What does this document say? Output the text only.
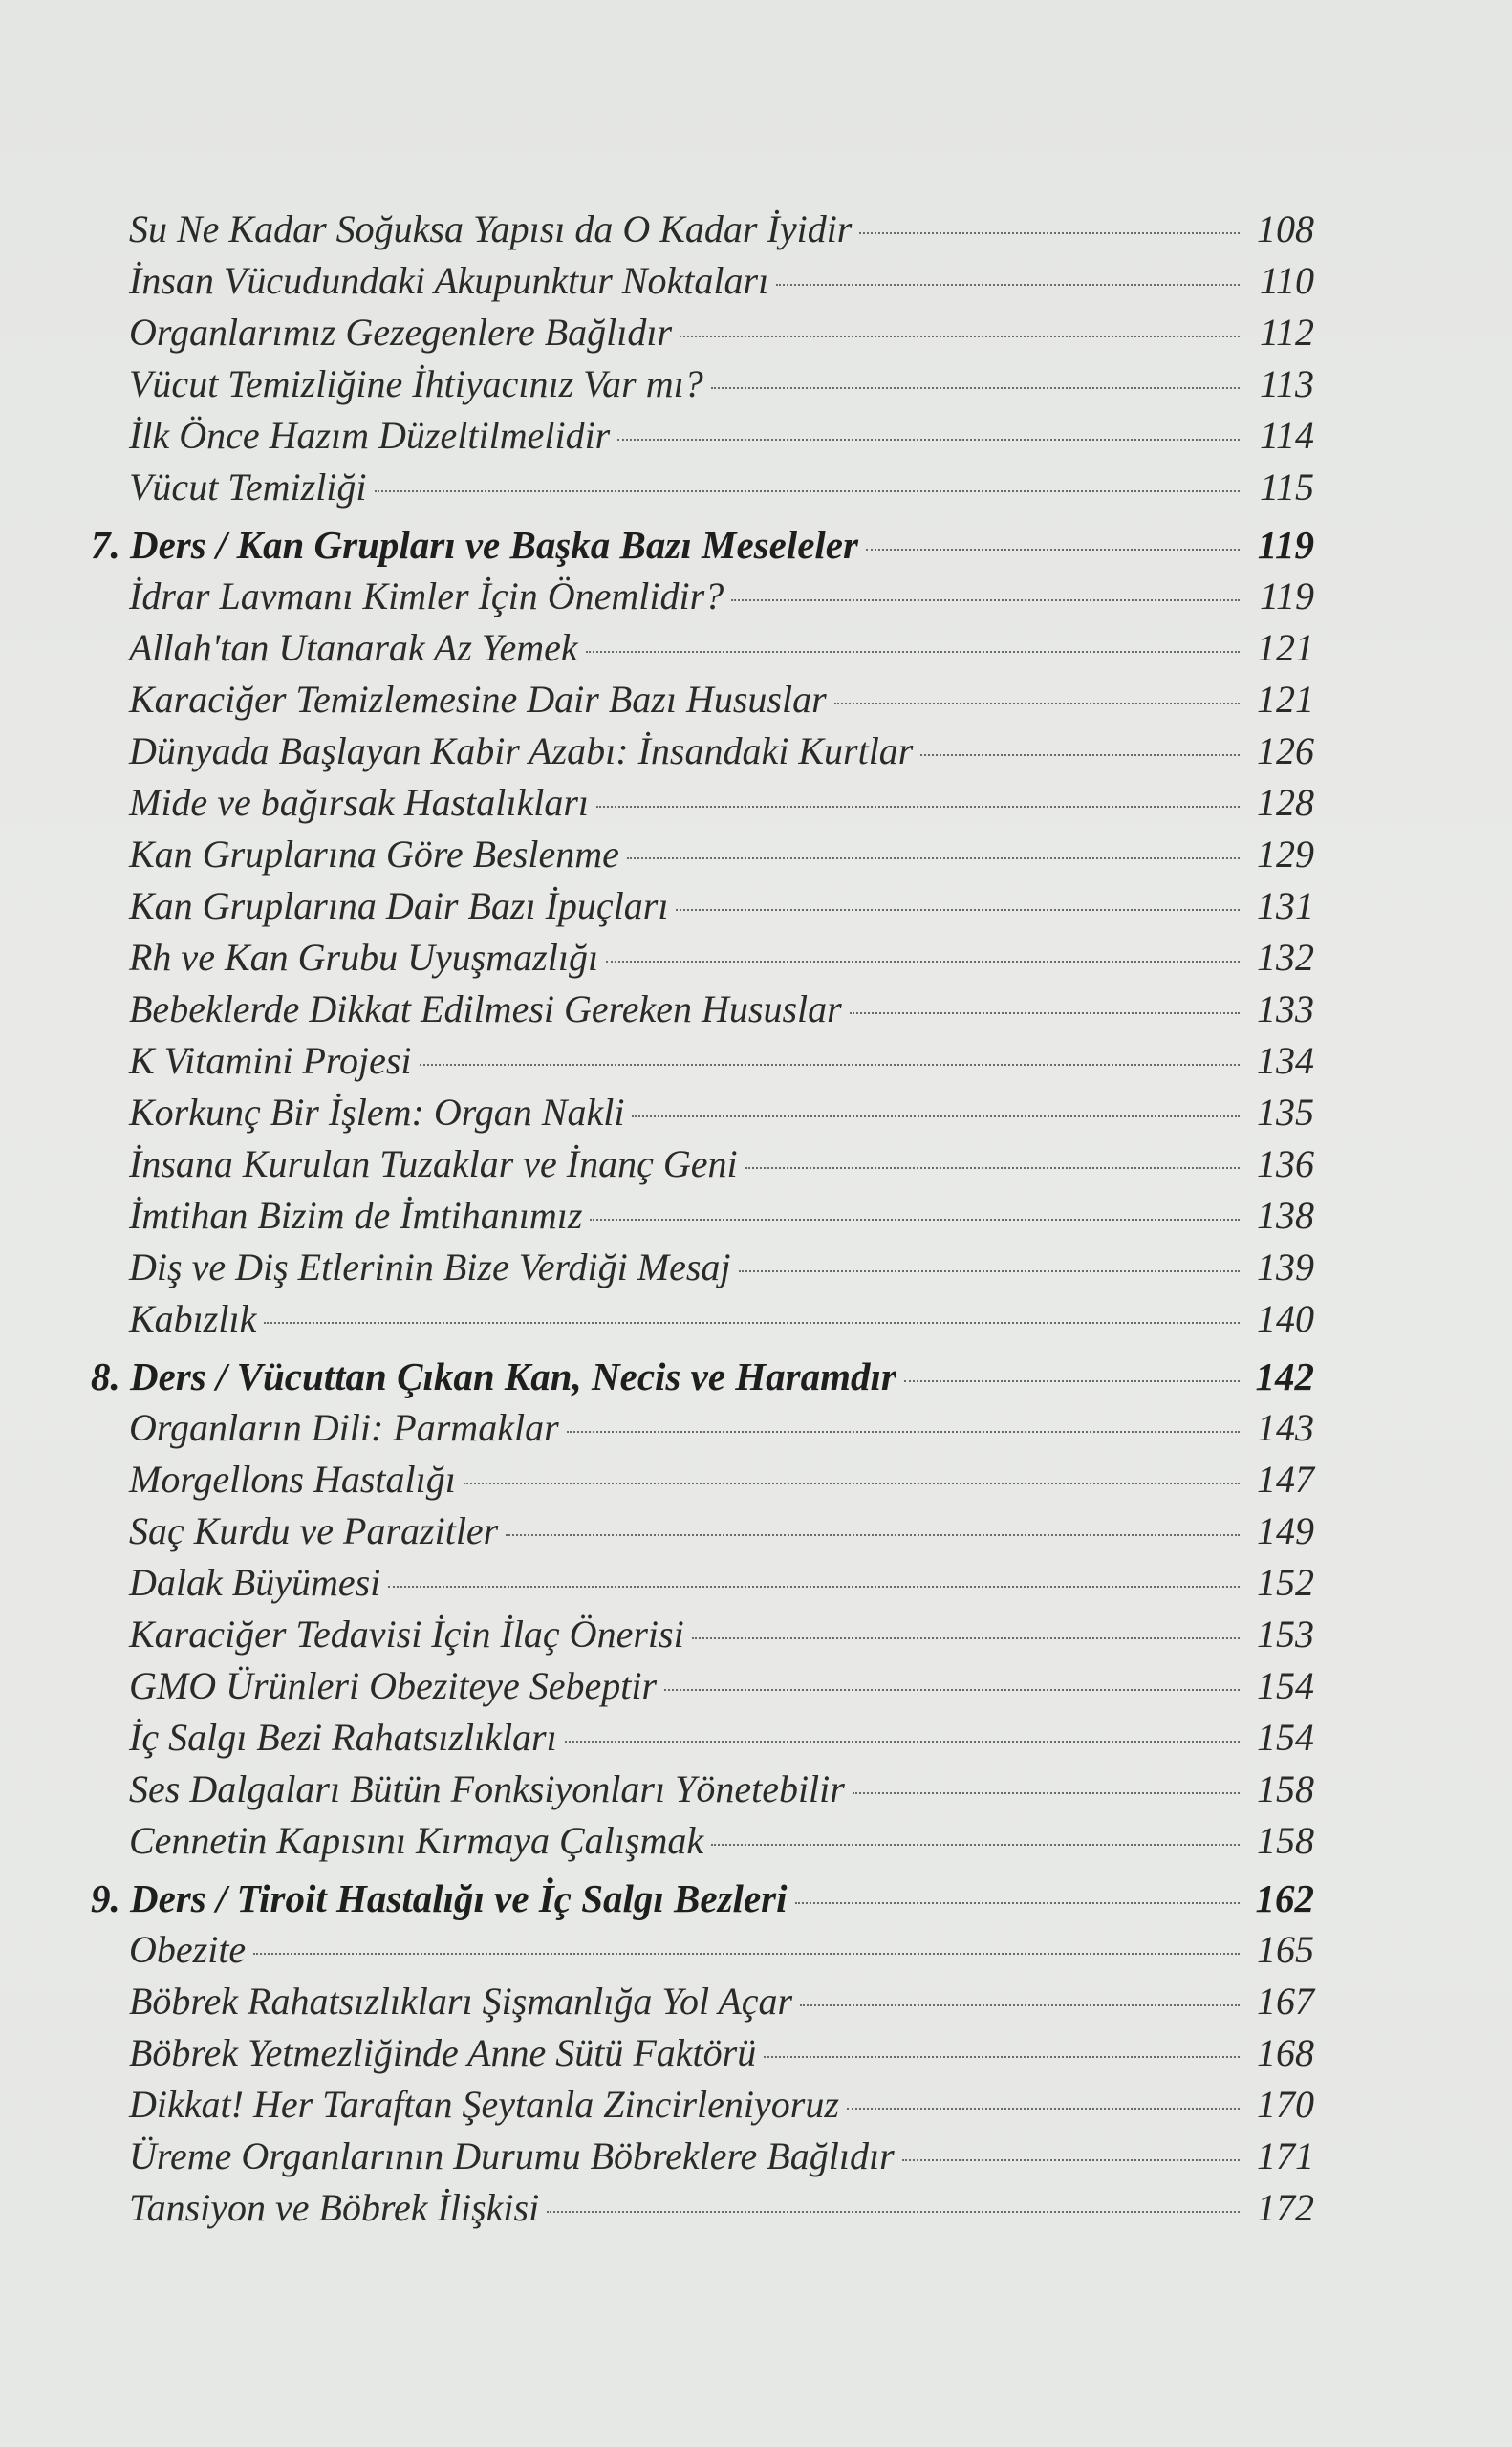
Su Ne Kadar Soğuksa Yapısı da O Kadar İyidir	108
İnsan Vücudundaki Akupunktur Noktaları	110
Organlarımız Gezegenlere Bağlıdır	112
Vücut Temizliğine İhtiyacınız Var mı?	113
İlk Önce Hazım Düzeltilmelidir	114
Vücut Temizliği	115
7. Ders / Kan Grupları ve Başka Bazı Meseleler	119
İdrar Lavmanı Kimler İçin Önemlidir?	119
Allah'tan Utanarak Az Yemek	121
Karaciğer Temizlemesine Dair Bazı Hususlar	121
Dünyada Başlayan Kabir Azabı: İnsandaki Kurtlar	126
Mide ve bağırsak Hastalıkları	128
Kan Gruplarına Göre Beslenme	129
Kan Gruplarına Dair Bazı İpuçları	131
Rh ve Kan Grubu Uyuşmazlığı	132
Bebeklerde Dikkat Edilmesi Gereken Hususlar	133
K Vitamini Projesi	134
Korkunç Bir İşlem: Organ Nakli	135
İnsana Kurulan Tuzaklar ve İnanç Geni	136
İmtihan Bizim de İmtihanımız	138
Diş ve Diş Etlerinin Bize Verdiği Mesaj	139
Kabızlık	140
8. Ders / Vücuttan Çıkan Kan, Necis ve Haramdır	142
Organların Dili: Parmaklar	143
Morgellons Hastalığı	147
Saç Kurdu ve Parazitler	149
Dalak Büyümesi	152
Karaciğer Tedavisi İçin İlaç Önerisi	153
GMO Ürünleri Obeziteye Sebeptir	154
İç Salgı Bezi Rahatsızlıkları	154
Ses Dalgaları Bütün Fonksiyonları Yönetebilir	158
Cennetin Kapısını Kırmaya Çalışmak	158
9. Ders / Tiroit Hastalığı ve İç Salgı Bezleri	162
Obezite	165
Böbrek Rahatsızlıkları Şişmanlığa Yol Açar	167
Böbrek Yetmezliğinde Anne Sütü Faktörü	168
Dikkat! Her Taraftan Şeytanla Zincirleniyoruz	170
Üreme Organlarının Durumu Böbreklere Bağlıdır	171
Tansiyon ve Böbrek İlişkisi	172
